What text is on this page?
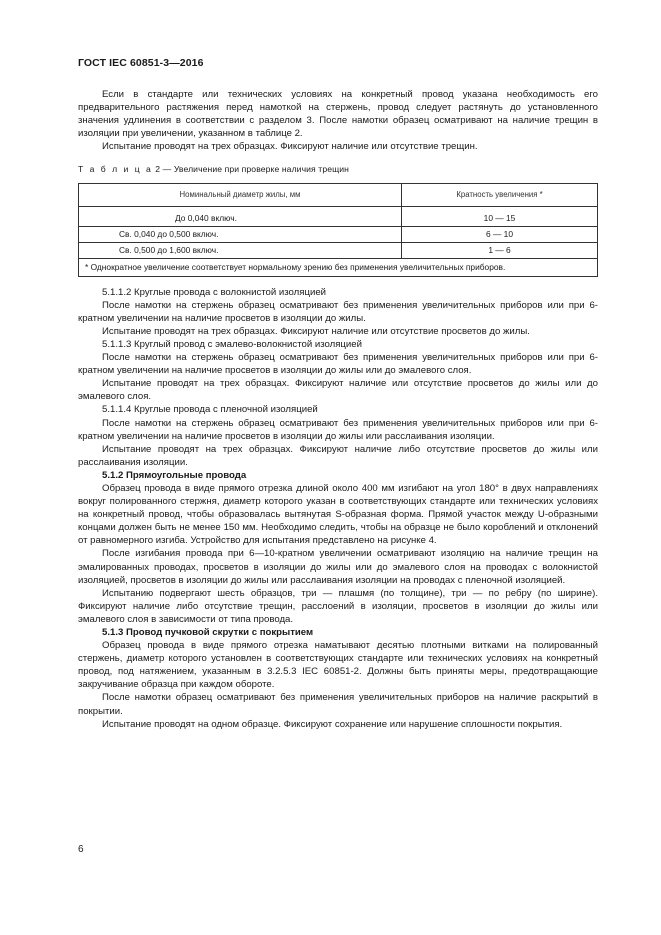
ГОСТ IEC 60851-3—2016

Если в стандарте или технических условиях на конкретный провод указана необходимость его предварительного растяжения перед намоткой на стержень, провод следует растянуть до установленного значения удлинения в соответствии с разделом 3. После намотки образец осматривают на наличие трещин в изоляции при увеличении, указанном в таблице 2.

Испытание проводят на трех образцах. Фиксируют наличие или отсутствие трещин.

Т а б л и ц а 2 — Увеличение при проверке наличия трещин
Номинальный диаметр жилы, мм	Кратность увеличения *
До 0,040 включ.	10 — 15
Св. 0,040 до 0,500 включ.	6 — 10
Св. 0,500 до 1,600 включ.	1 — 6
* Однократное увеличение соответствует нормальному зрению без применения увеличительных приборов.	

5.1.1.2 Круглые провода с волокнистой изоляцией

После намотки на стержень образец осматривают без применения увеличительных приборов или при 6-кратном увеличении на наличие просветов в изоляции до жилы.

Испытание проводят на трех образцах. Фиксируют наличие или отсутствие просветов до жилы.

5.1.1.3 Круглый провод с эмалево-волокнистой изоляцией

После намотки на стержень образец осматривают без применения увеличительных приборов или при 6-кратном увеличении на наличие просветов в изоляции до жилы или до эмалевого слоя.

Испытание проводят на трех образцах. Фиксируют наличие или отсутствие просветов до жилы или до эмалевого слоя.

5.1.1.4 Круглые провода с пленочной изоляцией

После намотки на стержень образец осматривают без применения увеличительных приборов или при 6-кратном увеличении на наличие просветов в изоляции до жилы или расслаивания изоляции.

Испытание проводят на трех образцах. Фиксируют наличие либо отсутствие просветов до жилы или расслаивания изоляции.

5.1.2 Прямоугольные провода

Образец провода в виде прямого отрезка длиной около 400 мм изгибают на угол 180° в двух направлениях вокруг полированного стержня, диаметр которого указан в соответствующих стандарте или технических условиях на конкретный провод, чтобы образовалась вытянутая S-образная форма. Прямой участок между U-образными концами должен быть не менее 150 мм. Необходимо следить, чтобы на образце не было короблений и отклонений от равномерного изгиба. Устройство для испытания представлено на рисунке 4.

После изгибания провода при 6—10-кратном увеличении осматривают изоляцию на наличие трещин на эмалированных проводах, просветов в изоляции до жилы или до эмалевого слоя на проводах с волокнистой изоляцией, просветов в изоляции до жилы или расслаивания изоляции на проводах с пленочной изоляцией.

Испытанию подвергают шесть образцов, три — плашмя (по толщине), три — по ребру (по ширине). Фиксируют наличие либо отсутствие трещин, расслоений в изоляции, просветов в изоляции до жилы или эмалевого слоя в зависимости от типа провода.

5.1.3 Провод пучковой скрутки с покрытием

Образец провода в виде прямого отрезка наматывают десятью плотными витками на полированный стержень, диаметр которого установлен в соответствующих стандарте или технических условиях на конкретный провод, под натяжением, указанным в 3.2.5.3 IEC 60851-2. Должны быть приняты меры, предотвращающие закручивание образца при каждом обороте.

После намотки образец осматривают без применения увеличительных приборов на наличие раскрытий в покрытии.

Испытание проводят на одном образце. Фиксируют сохранение или нарушение сплошности покрытия.

6
